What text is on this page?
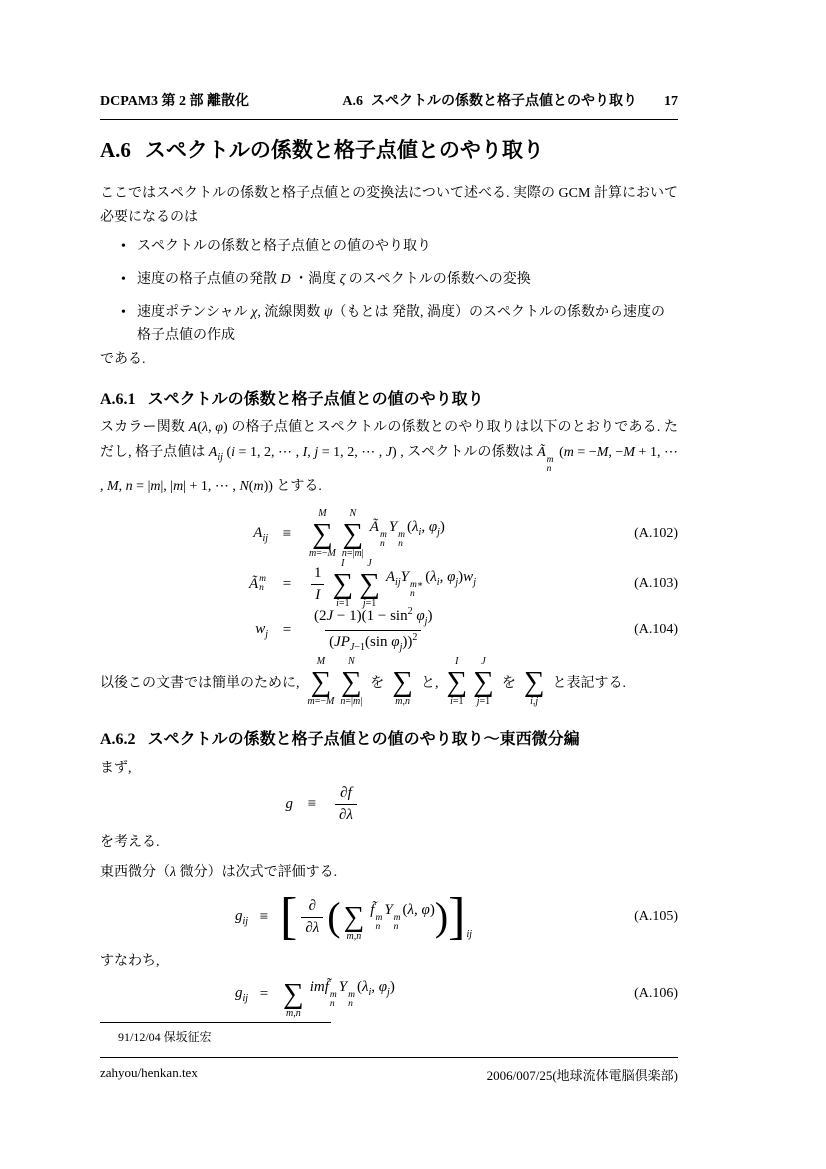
DCPAM3 第 2 部 離散化	A.6 スペクトルの係数と格子点値とのやり取り 17
A.6 スペクトルの係数と格子点値とのやり取り
ここではスペクトルの係数と格子点値との変換法について述べる. 実際の GCM 計算において必要になるのは
• スペクトルの係数と格子点値との値のやり取り
• 速度の格子点値の発散 D ・渦度 ζ のスペクトルの係数への変換
• 速度ポテンシャル χ, 流線関数 ψ（もとは 発散, 渦度）のスペクトルの係数から速度の格子点値の作成
である.
A.6.1 スペクトルの係数と格子点値との値のやり取り
スカラー関数 A(λ, φ) の格子点値とスペクトルの係数とのやり取りは以下のとおりである. ただし, 格子点値は $A_{ij}$ (i = 1, 2, ⋯ , I, j = 1, 2, ⋯ , J) , スペクトルの係数は Ã m
n
(m = −M, −M + 1, ⋯ , M, n = |m|, |m| + 1, ⋯ , N(m)) とする.
$A_{ij}$ ≡
M
∑
m=−M
N
∑
n=|m|
Ã m
n
Y m
n
($\lambda_i$, $\varphi_j$)	(A.102)
Ã m
n	=	$\frac{1}{I}$
I
∑
i=1
J
∑
j=1
$A_{ij}Y$ m∗
n
($\lambda_i$, $\varphi_j)w_j$	(A.103)
$w_j$ =	$\frac{(2J - 1)(1 - \sin^2 \varphi_j)}{(JP_{J-1}(\sin \varphi_j))^2}$	(A.104)
以後この文書では簡単のために,
M
∑
m=−M
N
∑
n=|m|
を ∑
m,n
と,
I
∑
i=1
J
∑
j=1
を ∑
i,j
と表記する.
A.6.2 スペクトルの係数と格子点値との値のやり取り〜東西微分編
まず,
g ≡	$\frac{\partial f}{\partial\lambda}$
を考える.
東西微分（λ 微分）は次式で評価する.
$g_{ij}$ ≡ [ $\frac{\partial}{\partial\lambda}$ ( ∑
m,n
f̃ m
n
Y m
n
(λ, φ) ) ] ij
(A.105)
すなわち,
$g_{ij}$ = ∑
m,n
imf̃ m
n
Y m
n
($\lambda_i$, $\varphi_j$)	(A.106)
91/12/04 保坂征宏
zahyou/henkan.tex	2006/007/25(地球流体電脳倶楽部)
